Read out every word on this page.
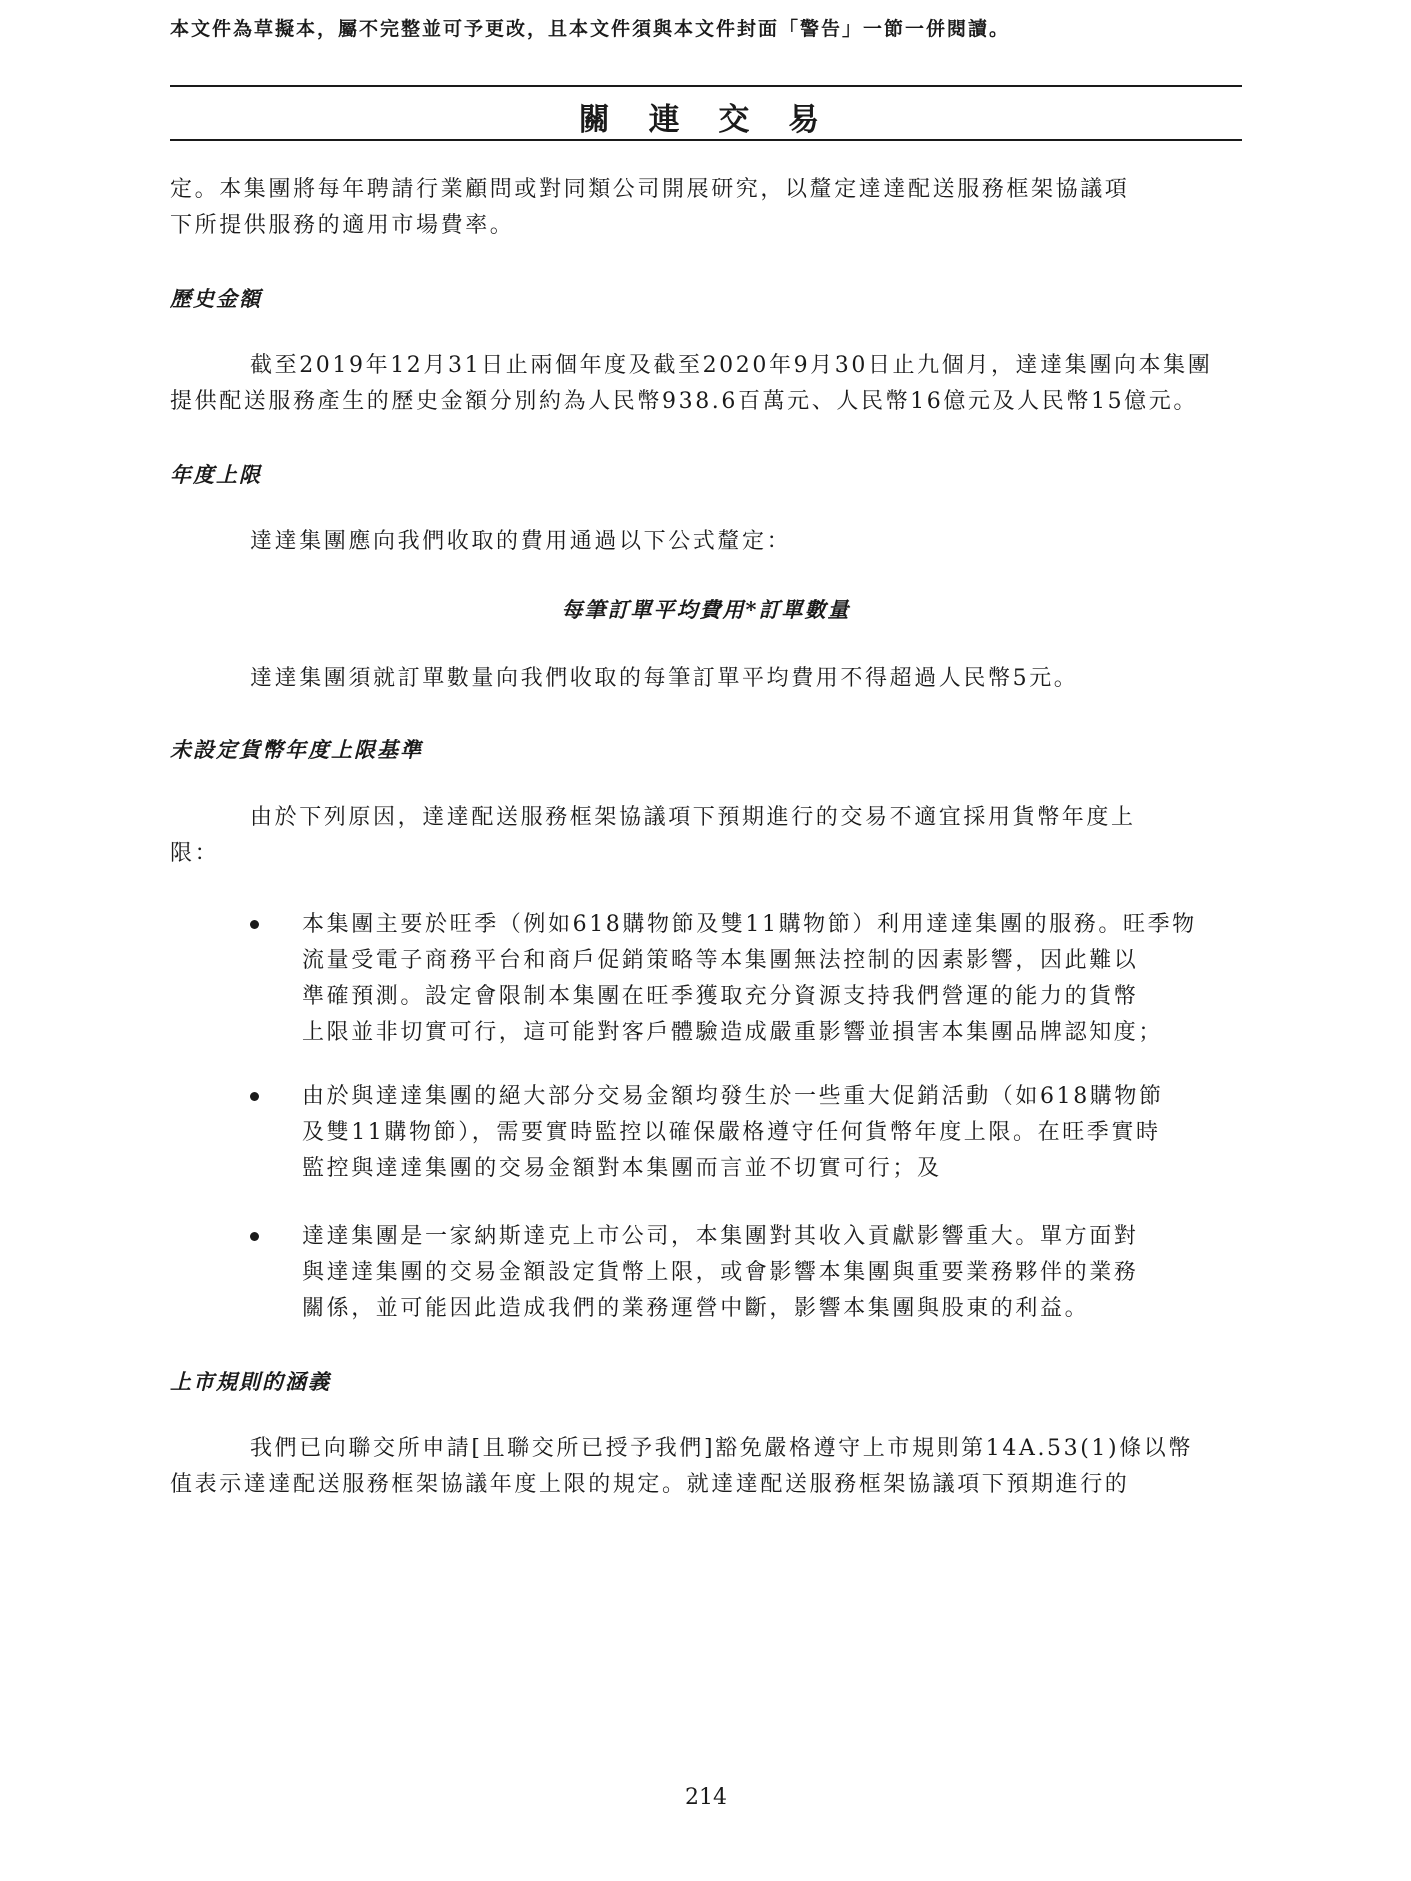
本文件為草擬本，屬不完整並可予更改，且本文件須與本文件封面「警告」一節一併閱讀。
關 連 交 易
定。本集團將每年聘請行業顧問或對同類公司開展研究，以釐定達達配送服務框架協議項
下所提供服務的適用市場費率。
歷史金額
截至2019年12月31日止兩個年度及截至2020年9月30日止九個月，達達集團向本集團
提供配送服務產生的歷史金額分別約為人民幣938.6百萬元、人民幣16億元及人民幣15億元。
年度上限
達達集團應向我們收取的費用通過以下公式釐定：
每筆訂單平均費用*訂單數量
達達集團須就訂單數量向我們收取的每筆訂單平均費用不得超過人民幣5元。
未設定貨幣年度上限基準
由於下列原因，達達配送服務框架協議項下預期進行的交易不適宜採用貨幣年度上
限：
本集團主要於旺季（例如618購物節及雙11購物節）利用達達集團的服務。旺季物
流量受電子商務平台和商戶促銷策略等本集團無法控制的因素影響，因此難以
準確預測。設定會限制本集團在旺季獲取充分資源支持我們營運的能力的貨幣
上限並非切實可行，這可能對客戶體驗造成嚴重影響並損害本集團品牌認知度；
由於與達達集團的絕大部分交易金額均發生於一些重大促銷活動（如618購物節
及雙11購物節），需要實時監控以確保嚴格遵守任何貨幣年度上限。在旺季實時
監控與達達集團的交易金額對本集團而言並不切實可行；及
達達集團是一家納斯達克上市公司，本集團對其收入貢獻影響重大。單方面對
與達達集團的交易金額設定貨幣上限，或會影響本集團與重要業務夥伴的業務
關係，並可能因此造成我們的業務運營中斷，影響本集團與股東的利益。
上市規則的涵義
我們已向聯交所申請[且聯交所已授予我們]豁免嚴格遵守上市規則第14A.53(1)條以幣
值表示達達配送服務框架協議年度上限的規定。就達達配送服務框架協議項下預期進行的
214
